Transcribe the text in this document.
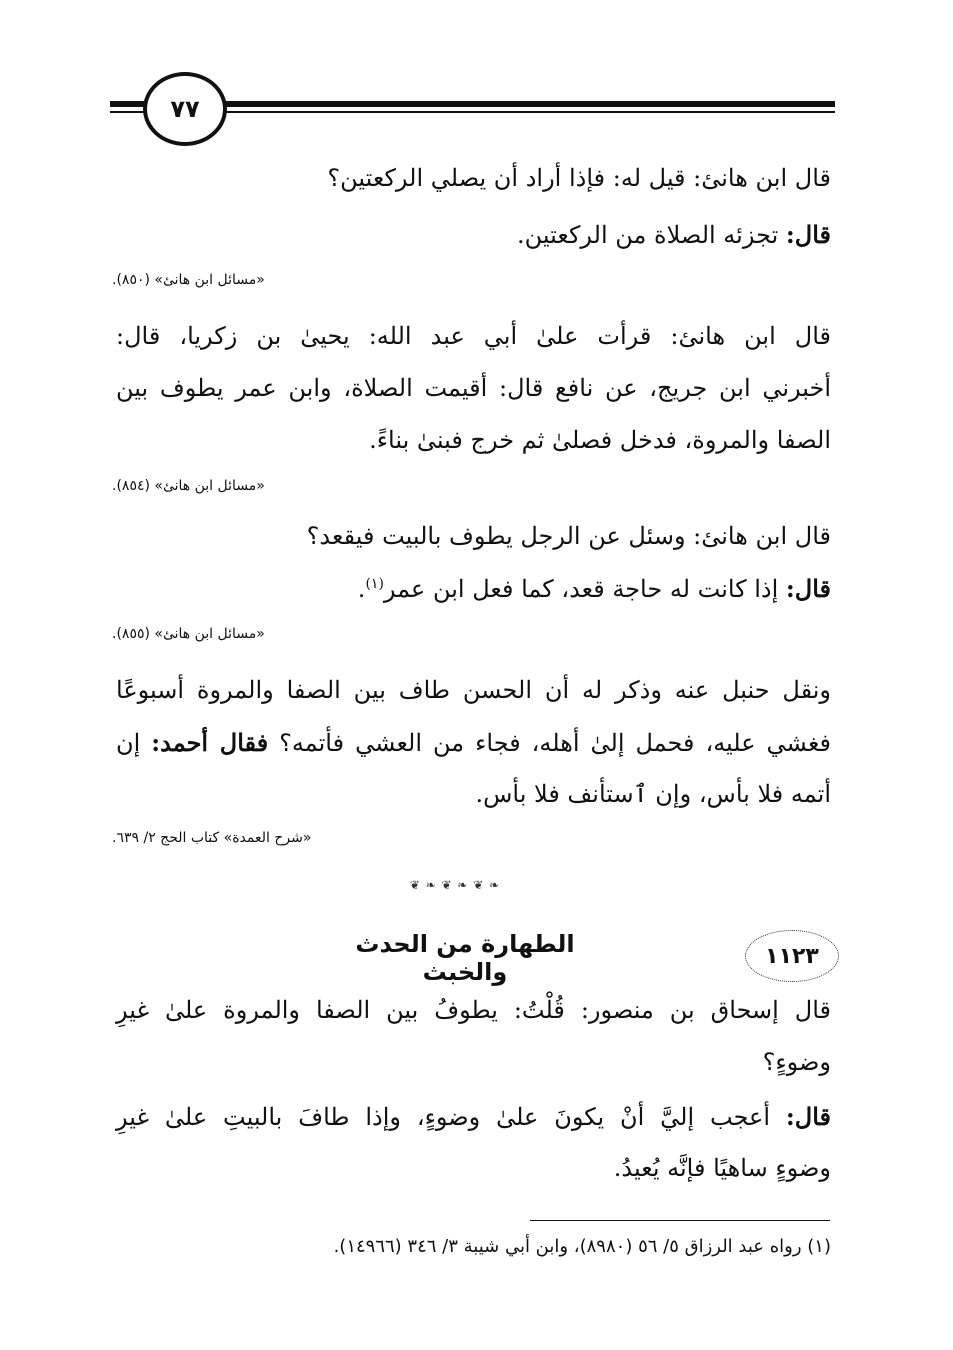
٧٧
قال ابن هانئ: قيل له: فإذا أراد أن يصلي الركعتين؟
قال: تجزئه الصلاة من الركعتين.
«مسائل ابن هانئ» (٨٥٠).
قال ابن هانئ: قرأت علىٰ أبي عبد الله: يحيىٰ بن زكريا، قال:
أخبرني ابن جريج، عن نافع قال: أقيمت الصلاة، وابن عمر يطوف بين
الصفا والمروة، فدخل فصلىٰ ثم خرج فبنىٰ بناءً.
«مسائل ابن هانئ» (٨٥٤).
قال ابن هانئ: وسئل عن الرجل يطوف بالبيت فيقعد؟
قال: إذا كانت له حاجة قعد، كما فعل ابن عمر$^{(١)}$.
«مسائل ابن هانئ» (٨٥٥).
ونقل حنبل عنه وذكر له أن الحسن طاف بين الصفا والمروة أسبوعًا
فغشي عليه، فحمل إلىٰ أهله، فجاء من العشي فأتمه؟ فقال أحمد: إن
أتمه فلا بأس، وإن ٱستأنف فلا بأس.
«شرح العمدة» كتاب الحج ٢/ ٦٣٩.
❦ ❧ ❦ ❧ ❦ ❧
١١٢٣
الطهارة من الحدث والخبث
قال إسحاق بن منصور: قُلْتُ: يطوفُ بين الصفا والمروة علىٰ غيرِ
وضوءٍ؟
قال: أعجب إليَّ أنْ يكونَ علىٰ وضوءٍ، وإذا طافَ بالبيتِ علىٰ غيرِ
وضوءٍ ساهيًا فإنَّه يُعيدُ.
(١) رواه عبد الرزاق ٥/ ٥٦ (٨٩٨٠)، وابن أبي شيبة ٣/ ٣٤٦ (١٤٩٦٦).
